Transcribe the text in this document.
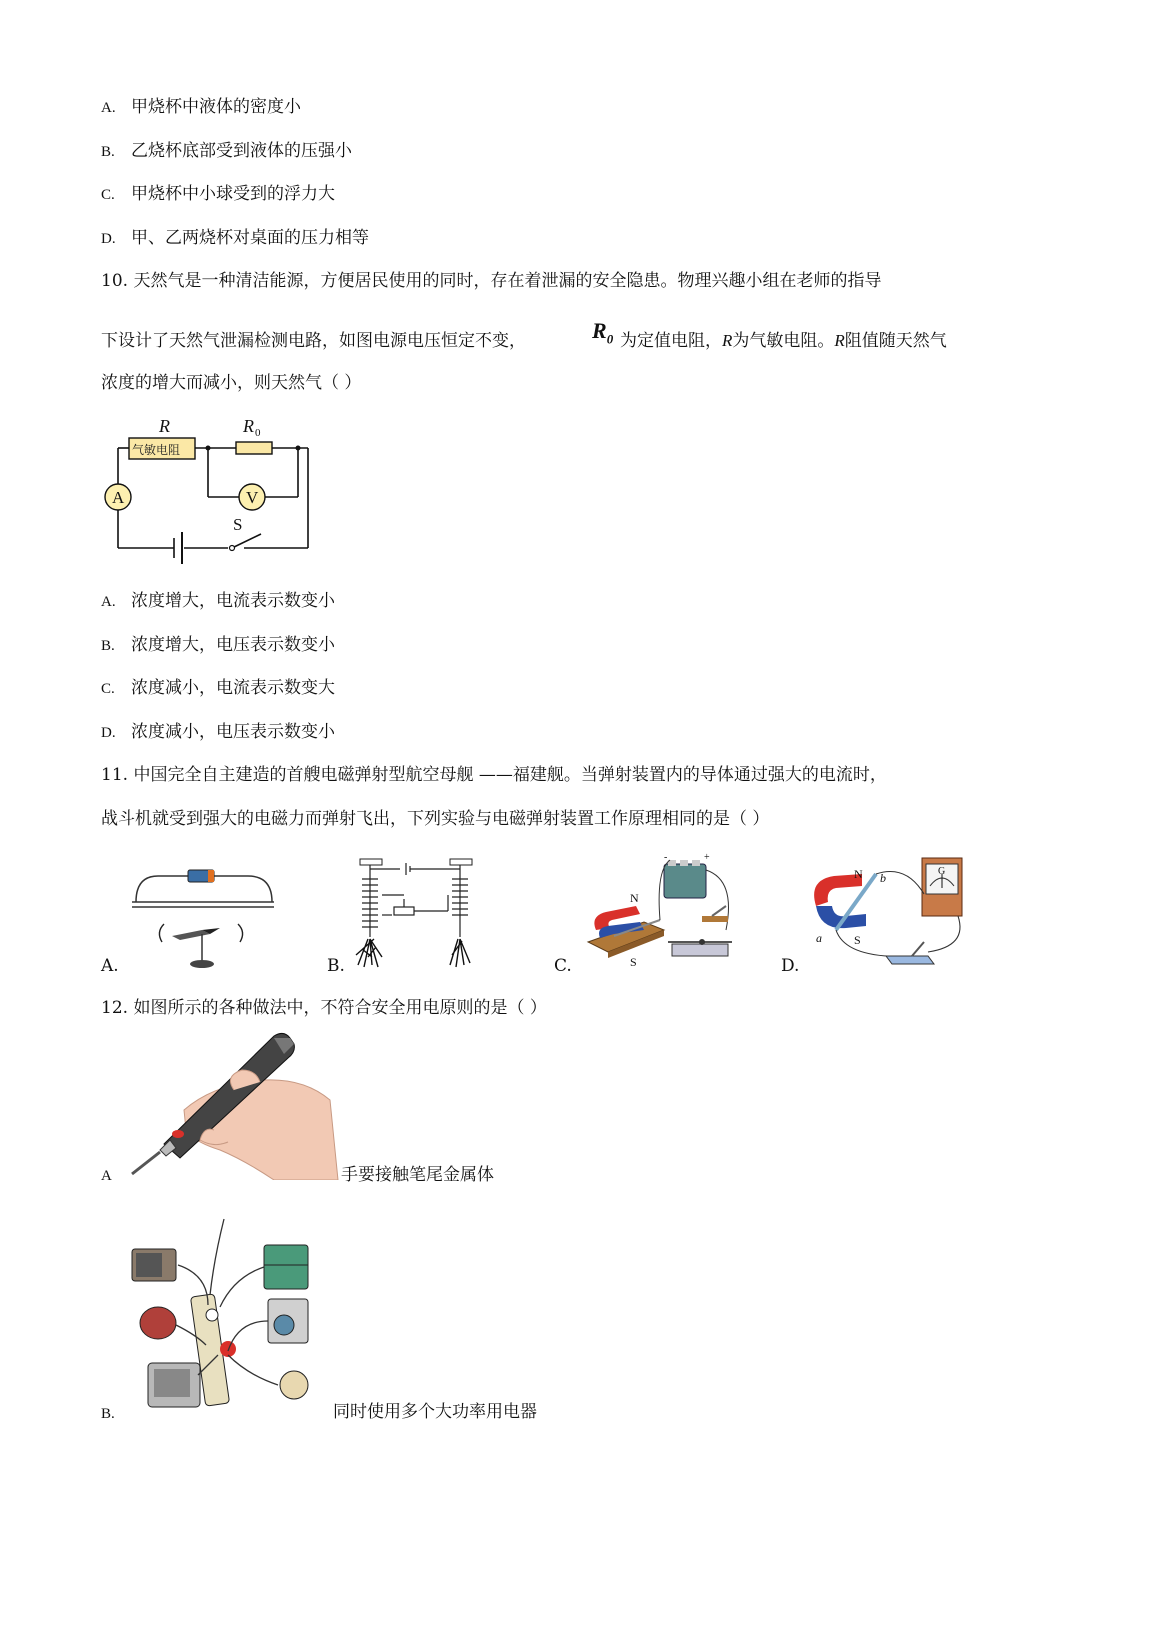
A. 甲烧杯中液体的密度小
B. 乙烧杯底部受到液体的压强小
C. 甲烧杯中小球受到的浮力大
D. 甲、乙两烧杯对桌面的压力相等
10. 天然气是一种清洁能源，方便居民使用的同时，存在着泄漏的安全隐患。物理兴趣小组在老师的指导
下设计了天然气泄漏检测电路，如图电源电压恒定不变，	$R_0$ 为定值电阻，R为气敏电阻。R阻值随天然气
浓度的增大而减小，则天然气（ ）
气敏电阻
R	R 0
A	V
S
A. 浓度增大，电流表示数变小
B. 浓度增大，电压表示数变小
C. 浓度减小，电流表示数变大
D. 浓度减小，电压表示数变小
11. 中国完全自主建造的首艘电磁弹射型航空母舰 ——福建舰。当弹射装置内的导体通过强大的电流时，
战斗机就受到强大的电磁力而弹射飞出，下列实验与电磁弹射装置工作原理相同的是（ ）
A.	B.
N
S
-	+
C.
N
S
a
b	G
D.
12. 如图所示的各种做法中，不符合安全用电原则的是（ ）
A	手要接触笔尾金属体
B.	同时使用多个大功率用电器
